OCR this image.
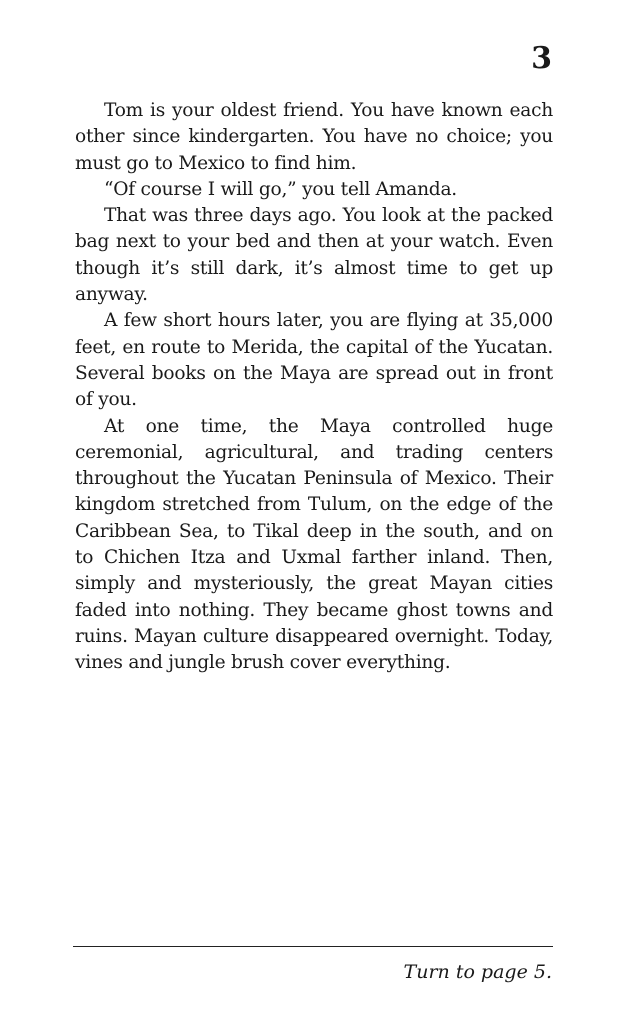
3

Tom is your oldest friend. You have known each other since kindergarten. You have no choice; you must go to Mexico to find him.

“Of course I will go,” you tell Amanda.

That was three days ago. You look at the packed bag next to your bed and then at your watch. Even though it’s still dark, it’s almost time to get up anyway.

A few short hours later, you are flying at 35,000 feet, en route to Merida, the capital of the Yucatan. Several books on the Maya are spread out in front of you.

At one time, the Maya controlled huge ceremonial, agricultural, and trading centers throughout the Yucatan Peninsula of Mexico. Their kingdom stretched from Tulum, on the edge of the Caribbean Sea, to Tikal deep in the south, and on to Chichen Itza and Uxmal farther inland. Then, simply and mysteriously, the great Mayan cities faded into nothing. They became ghost towns and ruins. Mayan culture disappeared overnight. Today, vines and jungle brush cover everything.

Turn to page 5.
